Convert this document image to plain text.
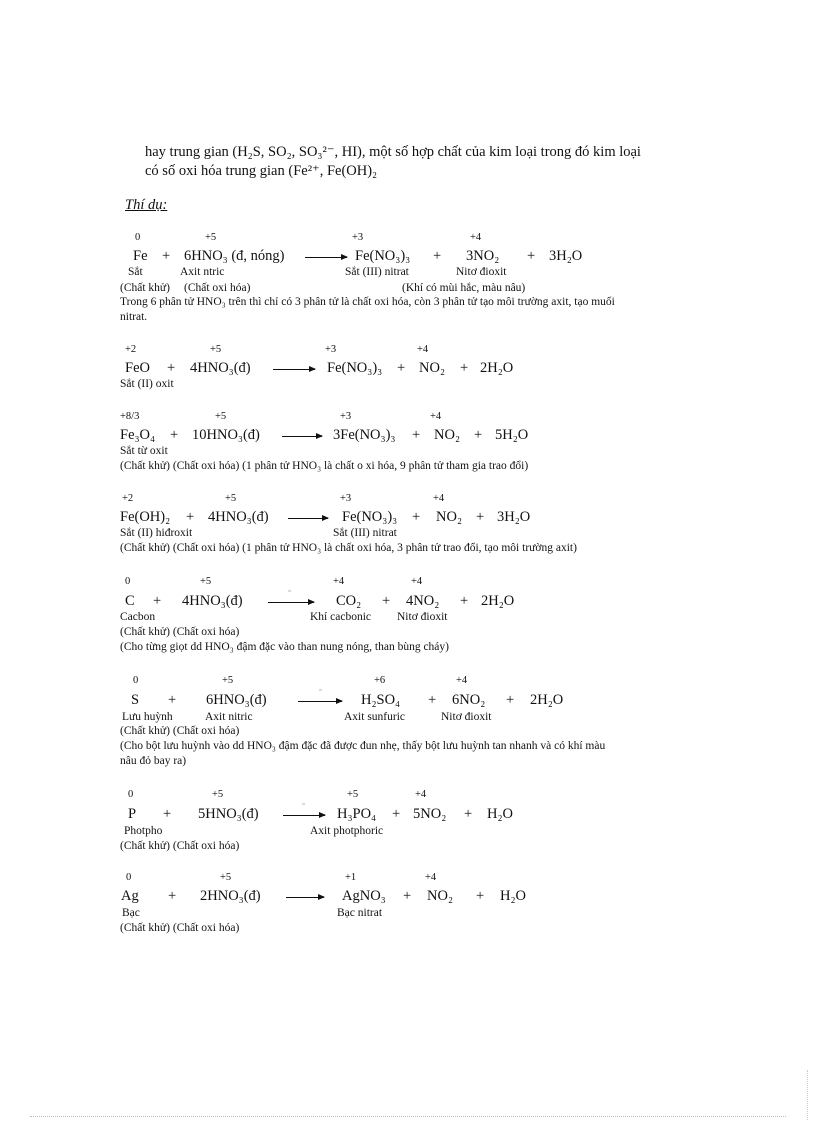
hay trung gian (H₂S, SO₂, SO₃²⁻, HI), một số hợp chất của kim loại trong đó kim loại
có số oxi hóa trung gian (Fe²⁺, Fe(OH)₂
Thí dụ:
0	+5	+3	+4
Fe + 6HNO₃ (đ, nóng) → Fe(NO₃)₃ + 3NO₂ + 3H₂O
Sắt	Axit ntric	Sắt (III) nitrat	Nitơ đioxit
(Chất khử) (Chất oxi hóa)	(Khí có mùi hắc, màu nâu)
Trong 6 phân tử HNO₃ trên thì chỉ có 3 phân tử là chất oxi hóa, còn 3 phân tử tạo môi trường axit, tạo muối
nitrat.
+2	+5	+3	+4
FeO + 4HNO₃(đ) → Fe(NO₃)₃ + NO₂ + 2H₂O
Sắt (II) oxit
+8/3	+5	+3	+4
Fe₃O₄ + 10HNO₃(đ) → 3Fe(NO₃)₃ + NO₂ + 5H₂O
Sắt từ oxit
(Chất khử) (Chất oxi hóa) (1 phân tử HNO₃ là chất o xi hóa, 9 phân tử tham gia trao đổi)
+2	+5	+3	+4
Fe(OH)₂ + 4HNO₃(đ) → Fe(NO₃)₃ + NO₂ + 3H₂O
Sắt (II) hiđroxit	Sắt (III) nitrat
(Chất khử) (Chất oxi hóa) (1 phân tử HNO₃ là chất oxi hóa, 3 phân tử trao đổi, tạo môi trường axit)
0	+5	+4	+4
C + 4HNO₃(đ)
≈
→ CO₂ + 4NO₂ + 2H₂O
Cacbon	Khí cacbonic Nitơ đioxit
(Chất khử) (Chất oxi hóa)
(Cho từng giọt dd HNO₃ đậm đặc vào than nung nóng, than bùng cháy)
0	+5	+6	+4
S + 6HNO₃(đ)
≈
→ H₂SO₄ + 6NO₂ + 2H₂O
Lưu huỳnh	Axit nitric	Axit sunfuric	Nitơ đioxit
(Chất khử) (Chất oxi hóa)
(Cho bột lưu huỳnh vào dd HNO₃ đậm đặc đã được đun nhẹ, thấy bột lưu huỳnh tan nhanh và có khí màu
nâu đỏ bay ra)
0	+5	+5	+4
P + 5HNO₃(đ)
≈
→ H₃PO₄ + 5NO₂ + H₂O
Photpho	Axit photphoric
(Chất khử) (Chất oxi hóa)
0	+5	+1	+4
Ag + 2HNO₃(đ) → AgNO₃ + NO₂ + H₂O
Bạc	Bạc nitrat
(Chất khử) (Chất oxi hóa)
